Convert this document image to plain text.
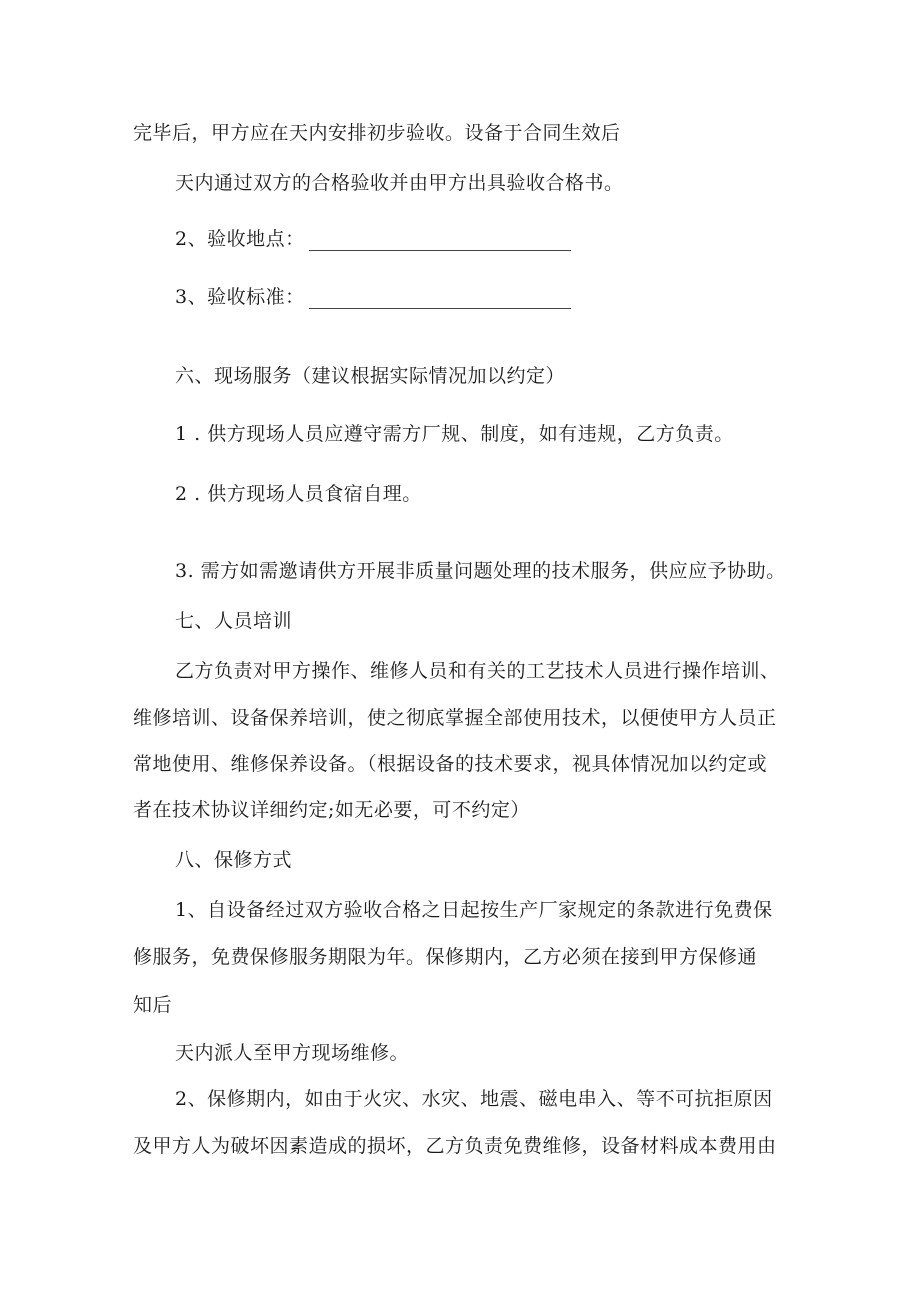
完毕后，甲方应在天内安排初步验收。设备于合同生效后
天内通过双方的合格验收并由甲方出具验收合格书。
2、验收地点：
3、验收标准：
六、现场服务（建议根据实际情况加以约定）
1 . 供方现场人员应遵守需方厂规、制度，如有违规，乙方负责。
2 . 供方现场人员食宿自理。
3. 需方如需邀请供方开展非质量问题处理的技术服务，供应应予协助。
七、人员培训
乙方负责对甲方操作、维修人员和有关的工艺技术人员进行操作培训、
维修培训、设备保养培训，使之彻底掌握全部使用技术，以便使甲方人员正
常地使用、维修保养设备。（根据设备的技术要求，视具体情况加以约定或
者在技术协议详细约定;如无必要，可不约定）
八、保修方式
1、自设备经过双方验收合格之日起按生产厂家规定的条款进行免费保
修服务，免费保修服务期限为年。保修期内，乙方必须在接到甲方保修通
知后
天内派人至甲方现场维修。
2、保修期内，如由于火灾、水灾、地震、磁电串入、等不可抗拒原因
及甲方人为破坏因素造成的损坏，乙方负责免费维修，设备材料成本费用由
